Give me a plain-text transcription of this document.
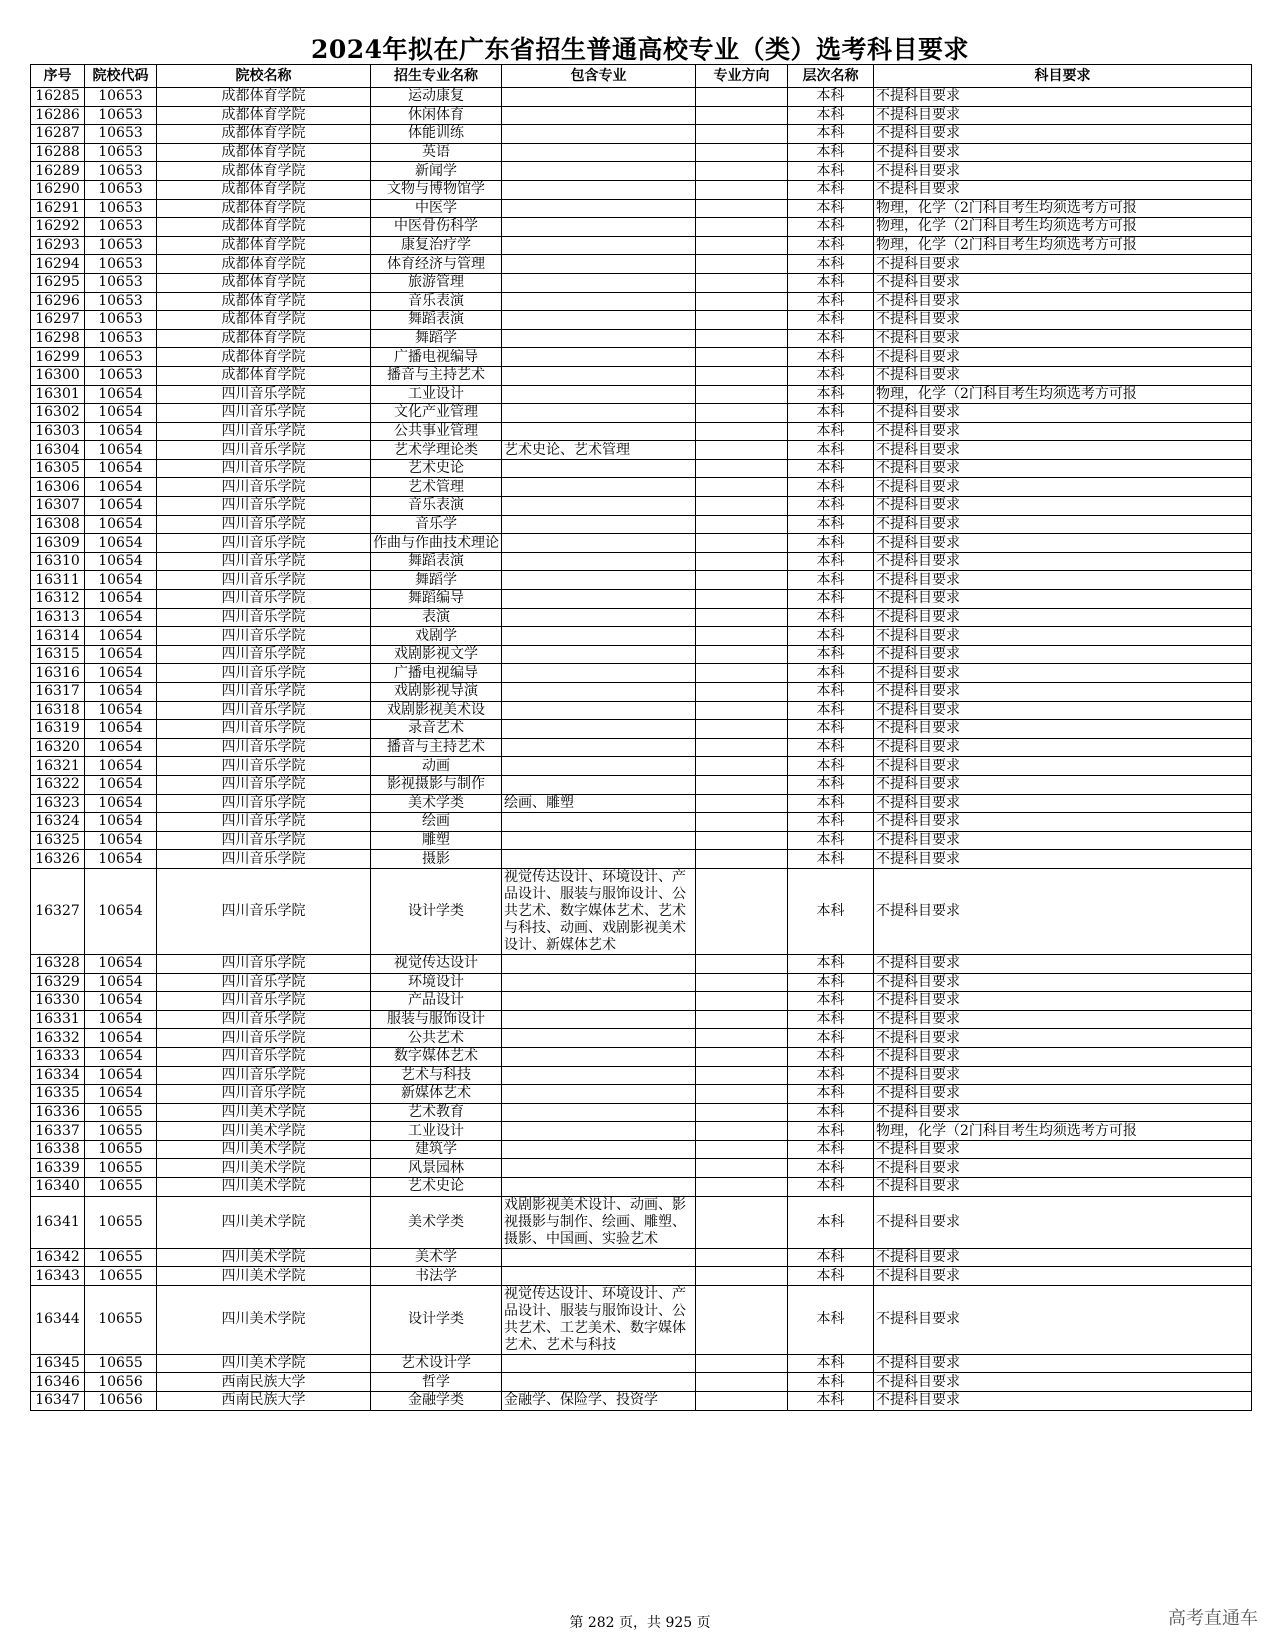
2024年拟在广东省招生普通高校专业（类）选考科目要求
序号	院校代码	院校名称	招生专业名称	包含专业	专业方向	层次名称	科目要求
16285	10653	成都体育学院	运动康复			本科	不提科目要求
16286	10653	成都体育学院	休闲体育			本科	不提科目要求
16287	10653	成都体育学院	体能训练			本科	不提科目要求
16288	10653	成都体育学院	英语			本科	不提科目要求
16289	10653	成都体育学院	新闻学			本科	不提科目要求
16290	10653	成都体育学院	文物与博物馆学			本科	不提科目要求
16291	10653	成都体育学院	中医学			本科	物理，化学（2门科目考生均须选考方可报
16292	10653	成都体育学院	中医骨伤科学			本科	物理，化学（2门科目考生均须选考方可报
16293	10653	成都体育学院	康复治疗学			本科	物理，化学（2门科目考生均须选考方可报
16294	10653	成都体育学院	体育经济与管理			本科	不提科目要求
16295	10653	成都体育学院	旅游管理			本科	不提科目要求
16296	10653	成都体育学院	音乐表演			本科	不提科目要求
16297	10653	成都体育学院	舞蹈表演			本科	不提科目要求
16298	10653	成都体育学院	舞蹈学			本科	不提科目要求
16299	10653	成都体育学院	广播电视编导			本科	不提科目要求
16300	10653	成都体育学院	播音与主持艺术			本科	不提科目要求
16301	10654	四川音乐学院	工业设计			本科	物理，化学（2门科目考生均须选考方可报
16302	10654	四川音乐学院	文化产业管理			本科	不提科目要求
16303	10654	四川音乐学院	公共事业管理			本科	不提科目要求
16304	10654	四川音乐学院	艺术学理论类	艺术史论、艺术管理		本科	不提科目要求
16305	10654	四川音乐学院	艺术史论			本科	不提科目要求
16306	10654	四川音乐学院	艺术管理			本科	不提科目要求
16307	10654	四川音乐学院	音乐表演			本科	不提科目要求
16308	10654	四川音乐学院	音乐学			本科	不提科目要求
16309	10654	四川音乐学院	作曲与作曲技术理论			本科	不提科目要求
16310	10654	四川音乐学院	舞蹈表演			本科	不提科目要求
16311	10654	四川音乐学院	舞蹈学			本科	不提科目要求
16312	10654	四川音乐学院	舞蹈编导			本科	不提科目要求
16313	10654	四川音乐学院	表演			本科	不提科目要求
16314	10654	四川音乐学院	戏剧学			本科	不提科目要求
16315	10654	四川音乐学院	戏剧影视文学			本科	不提科目要求
16316	10654	四川音乐学院	广播电视编导			本科	不提科目要求
16317	10654	四川音乐学院	戏剧影视导演			本科	不提科目要求
16318	10654	四川音乐学院	戏剧影视美术设			本科	不提科目要求
16319	10654	四川音乐学院	录音艺术			本科	不提科目要求
16320	10654	四川音乐学院	播音与主持艺术			本科	不提科目要求
16321	10654	四川音乐学院	动画			本科	不提科目要求
16322	10654	四川音乐学院	影视摄影与制作			本科	不提科目要求
16323	10654	四川音乐学院	美术学类	绘画、雕塑		本科	不提科目要求
16324	10654	四川音乐学院	绘画			本科	不提科目要求
16325	10654	四川音乐学院	雕塑			本科	不提科目要求
16326	10654	四川音乐学院	摄影			本科	不提科目要求
16327	10654	四川音乐学院	设计学类	视觉传达设计、环境设计、产品设计、服装与服饰设计、公共艺术、数字媒体艺术、艺术与科技、动画、戏剧影视美术设计、新媒体艺术		本科	不提科目要求
16328	10654	四川音乐学院	视觉传达设计			本科	不提科目要求
16329	10654	四川音乐学院	环境设计			本科	不提科目要求
16330	10654	四川音乐学院	产品设计			本科	不提科目要求
16331	10654	四川音乐学院	服装与服饰设计			本科	不提科目要求
16332	10654	四川音乐学院	公共艺术			本科	不提科目要求
16333	10654	四川音乐学院	数字媒体艺术			本科	不提科目要求
16334	10654	四川音乐学院	艺术与科技			本科	不提科目要求
16335	10654	四川音乐学院	新媒体艺术			本科	不提科目要求
16336	10655	四川美术学院	艺术教育			本科	不提科目要求
16337	10655	四川美术学院	工业设计			本科	物理，化学（2门科目考生均须选考方可报
16338	10655	四川美术学院	建筑学			本科	不提科目要求
16339	10655	四川美术学院	风景园林			本科	不提科目要求
16340	10655	四川美术学院	艺术史论			本科	不提科目要求
16341	10655	四川美术学院	美术学类	戏剧影视美术设计、动画、影视摄影与制作、绘画、雕塑、摄影、中国画、实验艺术		本科	不提科目要求
16342	10655	四川美术学院	美术学			本科	不提科目要求
16343	10655	四川美术学院	书法学			本科	不提科目要求
16344	10655	四川美术学院	设计学类	视觉传达设计、环境设计、产品设计、服装与服饰设计、公共艺术、工艺美术、数字媒体艺术、艺术与科技		本科	不提科目要求
16345	10655	四川美术学院	艺术设计学			本科	不提科目要求
16346	10656	西南民族大学	哲学			本科	不提科目要求
16347	10656	西南民族大学	金融学类	金融学、保险学、投资学		本科	不提科目要求
第 282 页，共 925 页	高考直通车
